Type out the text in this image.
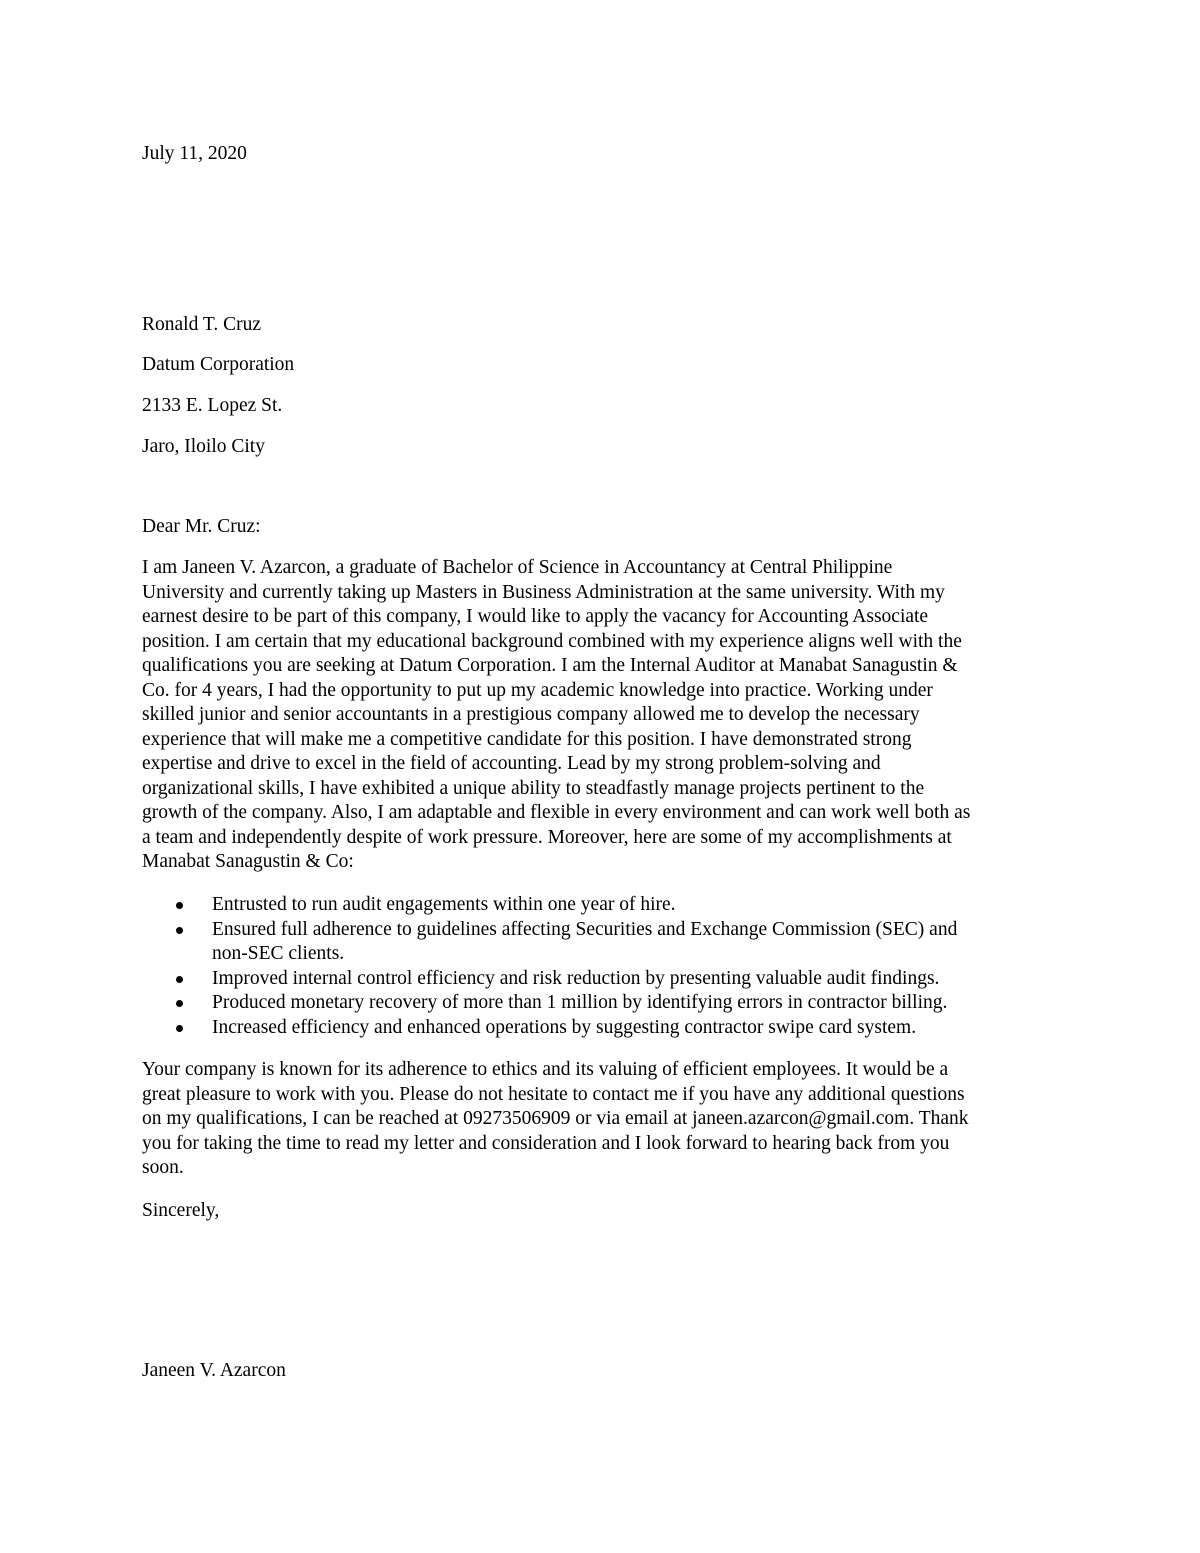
July 11, 2020
Ronald T. Cruz
Datum Corporation
2133 E. Lopez St.
Jaro, Iloilo City
Dear Mr. Cruz:
I am Janeen V. Azarcon, a graduate of Bachelor of Science in Accountancy at Central Philippine
University and currently taking up Masters in Business Administration at the same university. With my
earnest desire to be part of this company, I would like to apply the vacancy for Accounting Associate
position. I am certain that my educational background combined with my experience aligns well with the
qualifications you are seeking at Datum Corporation. I am the Internal Auditor at Manabat Sanagustin &
Co. for 4 years, I had the opportunity to put up my academic knowledge into practice. Working under
skilled junior and senior accountants in a prestigious company allowed me to develop the necessary
experience that will make me a competitive candidate for this position. I have demonstrated strong
expertise and drive to excel in the field of accounting. Lead by my strong problem-solving and
organizational skills, I have exhibited a unique ability to steadfastly manage projects pertinent to the
growth of the company. Also, I am adaptable and flexible in every environment and can work well both as
a team and independently despite of work pressure. Moreover, here are some of my accomplishments at
Manabat Sanagustin & Co:
Entrusted to run audit engagements within one year of hire.
Ensured full adherence to guidelines affecting Securities and Exchange Commission (SEC) and
non-SEC clients.
Improved internal control efficiency and risk reduction by presenting valuable audit findings.
Produced monetary recovery of more than 1 million by identifying errors in contractor billing.
Increased efficiency and enhanced operations by suggesting contractor swipe card system.
Your company is known for its adherence to ethics and its valuing of efficient employees. It would be a
great pleasure to work with you. Please do not hesitate to contact me if you have any additional questions
on my qualifications, I can be reached at 09273506909 or via email at janeen.azarcon@gmail.com. Thank
you for taking the time to read my letter and consideration and I look forward to hearing back from you
soon.
Sincerely,
Janeen V. Azarcon
